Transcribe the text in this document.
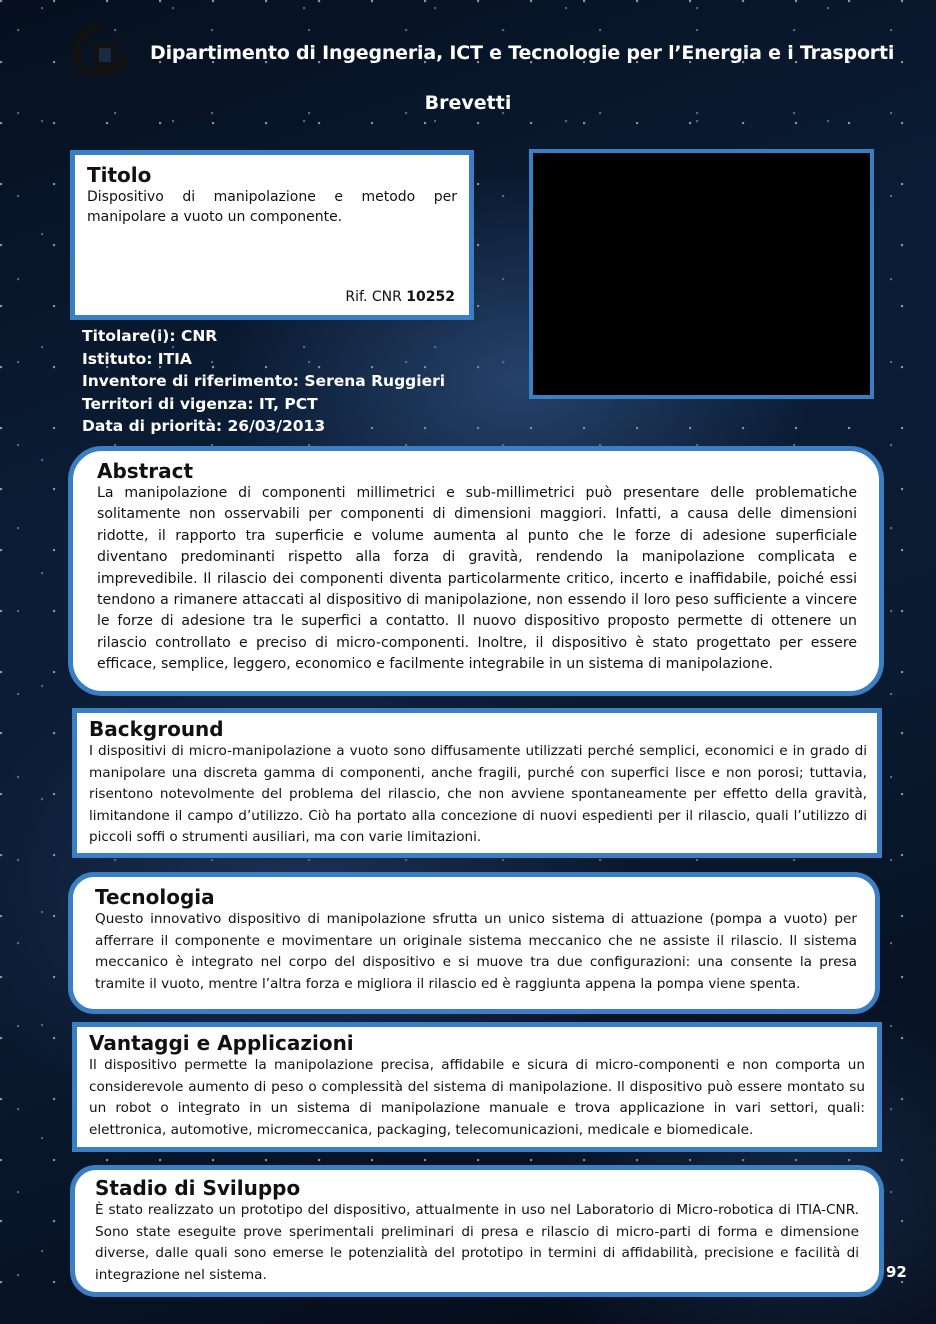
Dipartimento di Ingegneria, ICT e Tecnologie per l’Energia e i Trasporti
Brevetti
Titolo

Dispositivo di manipolazione e metodo per manipolare a vuoto un componente.

Rif. CNR 10252
Titolare(i): CNR
Istituto: ITIA
Inventore di riferimento: Serena Ruggieri
Territori di vigenza: IT, PCT
Data di priorità: 26/03/2013
Abstract

La manipolazione di componenti millimetrici e sub-millimetrici può presentare delle problematiche solitamente non osservabili per componenti di dimensioni maggiori. Infatti, a causa delle dimensioni ridotte, il rapporto tra superficie e volume aumenta al punto che le forze di adesione superficiale diventano predominanti rispetto alla forza di gravità, rendendo la manipolazione complicata e imprevedibile. Il rilascio dei componenti diventa particolarmente critico, incerto e inaffidabile, poiché essi tendono a rimanere attaccati al dispositivo di manipolazione, non essendo il loro peso sufficiente a vincere le forze di adesione tra le superfici a contatto. Il nuovo dispositivo proposto permette di ottenere un rilascio controllato e preciso di micro-componenti. Inoltre, il dispositivo è stato progettato per essere efficace, semplice, leggero, economico e facilmente integrabile in un sistema di manipolazione.

Background

I dispositivi di micro-manipolazione a vuoto sono diffusamente utilizzati perché semplici, economici e in grado di manipolare una discreta gamma di componenti, anche fragili, purché con superfici lisce e non porosi; tuttavia, risentono notevolmente del problema del rilascio, che non avviene spontaneamente per effetto della gravità, limitandone il campo d’utilizzo. Ciò ha portato alla concezione di nuovi espedienti per il rilascio, quali l’utilizzo di piccoli soffi o strumenti ausiliari, ma con varie limitazioni.

Tecnologia

Questo innovativo dispositivo di manipolazione sfrutta un unico sistema di attuazione (pompa a vuoto) per afferrare il componente e movimentare un originale sistema meccanico che ne assiste il rilascio. Il sistema meccanico è integrato nel corpo del dispositivo e si muove tra due configurazioni: una consente la presa tramite il vuoto, mentre l’altra forza e migliora il rilascio ed è raggiunta appena la pompa viene spenta.

Vantaggi e Applicazioni

Il dispositivo permette la manipolazione precisa, affidabile e sicura di micro-componenti e non comporta un considerevole aumento di peso o complessità del sistema di manipolazione. Il dispositivo può essere montato su un robot o integrato in un sistema di manipolazione manuale e trova applicazione in vari settori, quali: elettronica, automotive, micromeccanica, packaging, telecomunicazioni, medicale e biomedicale.

Stadio di Sviluppo

È stato realizzato un prototipo del dispositivo, attualmente in uso nel Laboratorio di Micro-robotica di ITIA-CNR. Sono state eseguite prove sperimentali preliminari di presa e rilascio di micro-parti di forma e dimensione diverse, dalle quali sono emerse le potenzialità del prototipo in termini di affidabilità, precisione e facilità di integrazione nel sistema.	92
